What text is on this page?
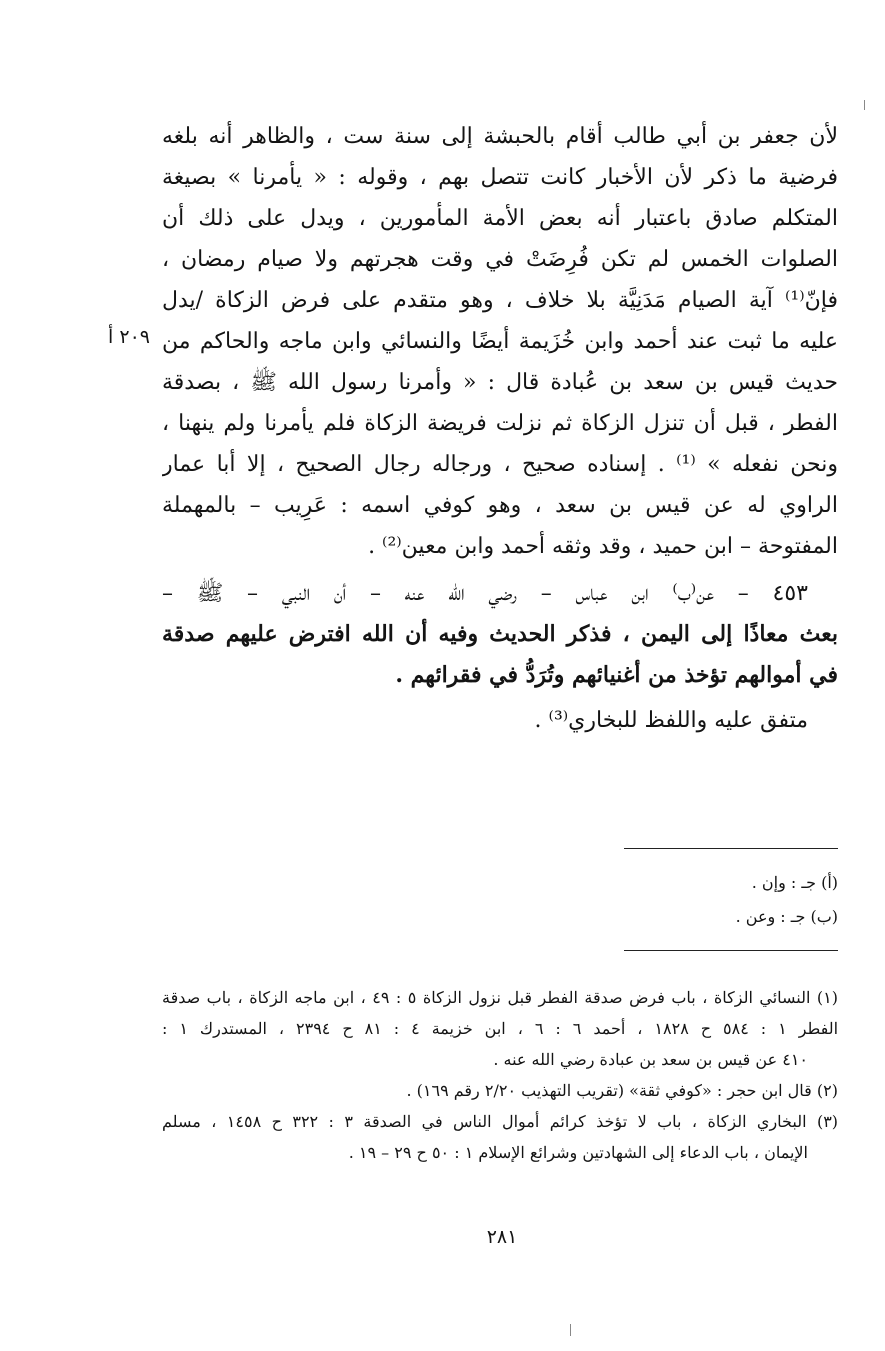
لأن جعفر بن أبي طالب أقام بالحبشة إلى سنة ست ، والظاهر أنه بلغه
فرضية ما ذكر لأن الأخبار كانت تتصل بهم ، وقوله : « يأمرنا » بصيغة
المتكلم صادق باعتبار أنه بعض الأمة المأمورين ، ويدل على ذلك أن
الصلوات الخمس لم تكن فُرِضَتْ في وقت هجرتهم ولا صيام رمضان ،
فإنّ⁽¹⁾ آية الصيام مَدَنِيَّة بلا خلاف ، وهو متقدم على فرض الزكاة /يدل
عليه ما ثبت عند أحمد وابن خُزَيمة أيضًا والنسائي وابن ماجه والحاكم من
حديث قيس بن سعد بن عُبادة قال : « وأمرنا رسول الله ﷺ ، بصدقة
الفطر ، قبل أن تنزل الزكاة ثم نزلت فريضة الزكاة فلم يأمرنا ولم ينهنا ،
ونحن نفعله » ⁽¹⁾ . إسناده صحيح ، ورجاله رجال الصحيح ، إلا أبا عمار
الراوي له عن قيس بن سعد ، وهو كوفي اسمه : عَرِيب – بالمهملة
المفتوحة – ابن حميد ، وقد وثقه أحمد وابن معين⁽²⁾ .

٤٥٣ – عن⁽ب⁾ ابن عباس – رضي الله عنه – أن النبي – ﷺ –
بعث معاذًا إلى اليمن ، فذكر الحديث وفيه أن الله افترض عليهم صدقة
في أموالهم تؤخذ من أغنيائهم وتُرَدُّ في فقرائهم .

متفق عليه واللفظ للبخاري⁽³⁾ .

٢٠٩ أ
(أ) جـ : وإن .
(ب) جـ : وعن .
(١) النسائي الزكاة ، باب فرض صدقة الفطر قبل نزول الزكاة ٥ : ٤٩ ، ابن ماجه الزكاة ، باب صدقة
الفطر ١ : ٥٨٤ ح ١٨٢٨ ، أحمد ٦ : ٦ ، ابن خزيمة ٤ : ٨١ ح ٢٣٩٤ ، المستدرك ١ :
٤١٠ عن قيس بن سعد بن عبادة رضي الله عنه .
(٢) قال ابن حجر : «كوفي ثقة» (تقريب التهذيب ٢/٢٠ رقم ١٦٩) .
(٣) البخاري الزكاة ، باب لا تؤخذ كرائم أموال الناس في الصدقة ٣ : ٣٢٢ ح ١٤٥٨ ، مسلم
الإيمان ، باب الدعاء إلى الشهادتين وشرائع الإسلام ١ : ٥٠ ح ٢٩ – ١٩ .
٢٨١
